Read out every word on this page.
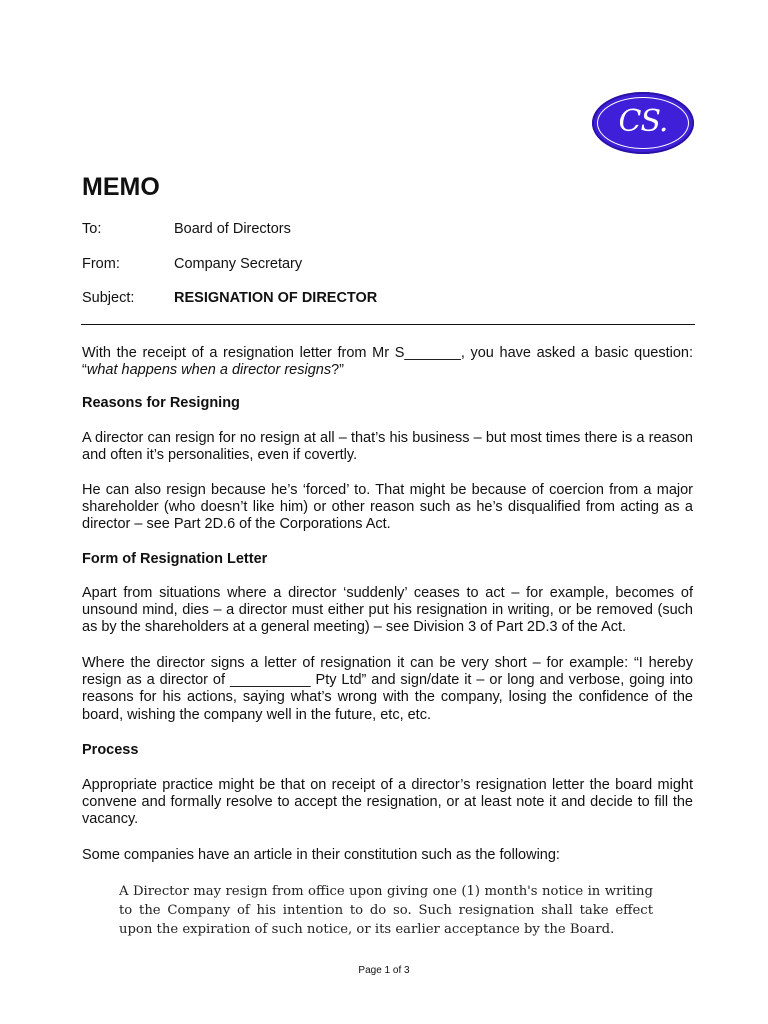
CS.
MEMO
To:	Board of Directors
From:	Company Secretary
Subject:	RESIGNATION OF DIRECTOR

With the receipt of a resignation letter from Mr S_______, you have asked a basic question: “what happens when a director resigns?”

Reasons for Resigning

A director can resign for no resign at all – that’s his business – but most times there is a reason and often it’s personalities, even if covertly.

He can also resign because he’s ‘forced’ to. That might be because of coercion from a major shareholder (who doesn’t like him) or other reason such as he’s disqualified from acting as a director – see Part 2D.6 of the Corporations Act.

Form of Resignation Letter

Apart from situations where a director ‘suddenly’ ceases to act – for example, becomes of unsound mind, dies – a director must either put his resignation in writing, or be removed (such as by the shareholders at a general meeting) – see Division 3 of Part 2D.3 of the Act.

Where the director signs a letter of resignation it can be very short – for example: “I hereby resign as a director of __________ Pty Ltd” and sign/date it – or long and verbose, going into reasons for his actions, saying what’s wrong with the company, losing the confidence of the board, wishing the company well in the future, etc, etc.

Process

Appropriate practice might be that on receipt of a director’s resignation letter the board might convene and formally resolve to accept the resignation, or at least note it and decide to fill the vacancy.

Some companies have an article in their constitution such as the following:

A Director may resign from office upon giving one (1) month's notice in writing
to the Company of his intention to do so. Such resignation shall take effect
upon the expiration of such notice, or its earlier acceptance by the Board.
Page 1 of 3
